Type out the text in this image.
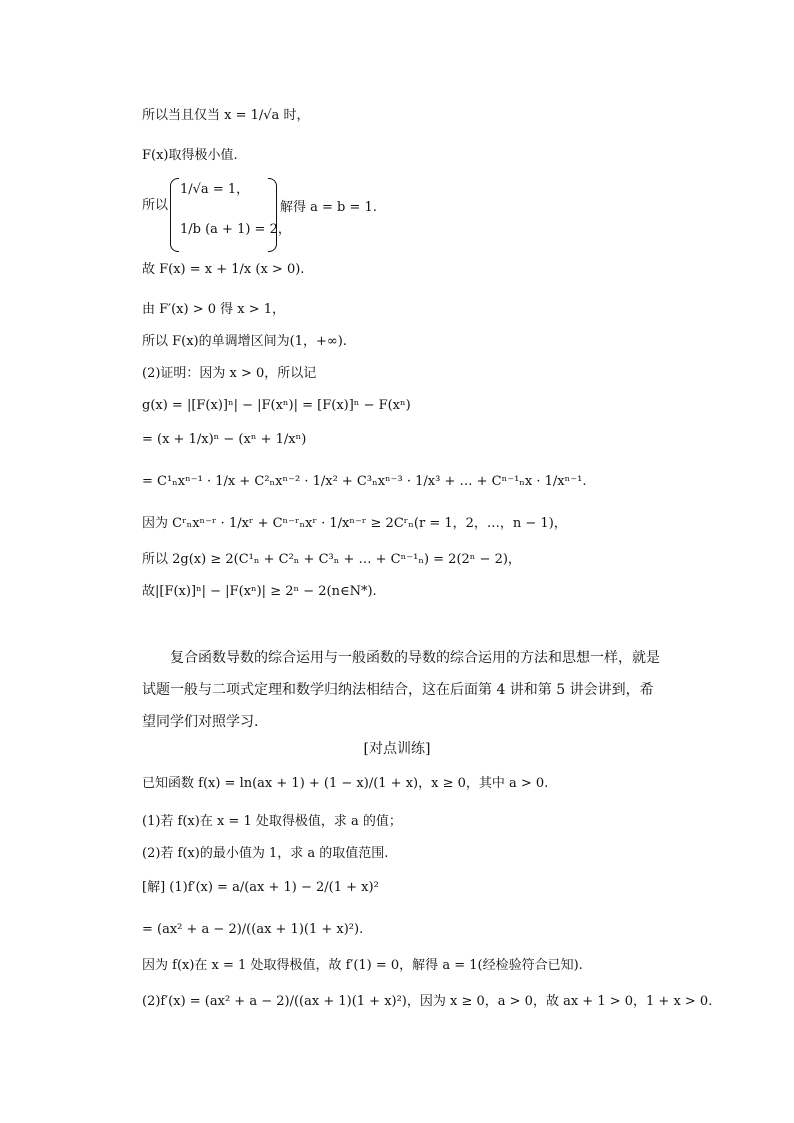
所以当且仅当 x = 1/√a 时，
F(x)取得极小值.
所以
1/√a = 1，
1/b (a + 1) = 2，
解得 a = b = 1.
故 F(x) = x + 1/x (x > 0).
由 F′(x) > 0 得 x > 1，
所以 F(x)的单调增区间为(1，+∞).
(2)证明：因为 x > 0，所以记
g(x) = |[F(x)]ⁿ| − |F(xⁿ)| = [F(x)]ⁿ − F(xⁿ)
= (x + 1/x)ⁿ − (xⁿ + 1/xⁿ)
= C¹ₙxⁿ⁻¹ · 1/x + C²ₙxⁿ⁻² · 1/x² + C³ₙxⁿ⁻³ · 1/x³ + … + Cⁿ⁻¹ₙx · 1/xⁿ⁻¹.
因为 Cʳₙxⁿ⁻ʳ · 1/xʳ + Cⁿ⁻ʳₙxʳ · 1/xⁿ⁻ʳ ≥ 2Cʳₙ(r = 1，2，…，n − 1)，
所以 2g(x) ≥ 2(C¹ₙ + C²ₙ + C³ₙ + … + Cⁿ⁻¹ₙ) = 2(2ⁿ − 2)，
故|[F(x)]ⁿ| − |F(xⁿ)| ≥ 2ⁿ − 2(n∈N*).
复合函数导数的综合运用与一般函数的导数的综合运用的方法和思想一样，就是试题一般与二项式定理和数学归纳法相结合，这在后面第 4 讲和第 5 讲会讲到，希望同学们对照学习.
[对点训练]
已知函数 f(x) = ln(ax + 1) + (1 − x)/(1 + x)，x ≥ 0，其中 a > 0.
(1)若 f(x)在 x = 1 处取得极值，求 a 的值；
(2)若 f(x)的最小值为 1，求 a 的取值范围.
[解] (1)f′(x) = a/(ax + 1) − 2/(1 + x)²
= (ax² + a − 2)/((ax + 1)(1 + x)²).
因为 f(x)在 x = 1 处取得极值，故 f′(1) = 0，解得 a = 1(经检验符合已知).
(2)f′(x) = (ax² + a − 2)/((ax + 1)(1 + x)²)，因为 x ≥ 0，a > 0，故 ax + 1 > 0，1 + x > 0.
